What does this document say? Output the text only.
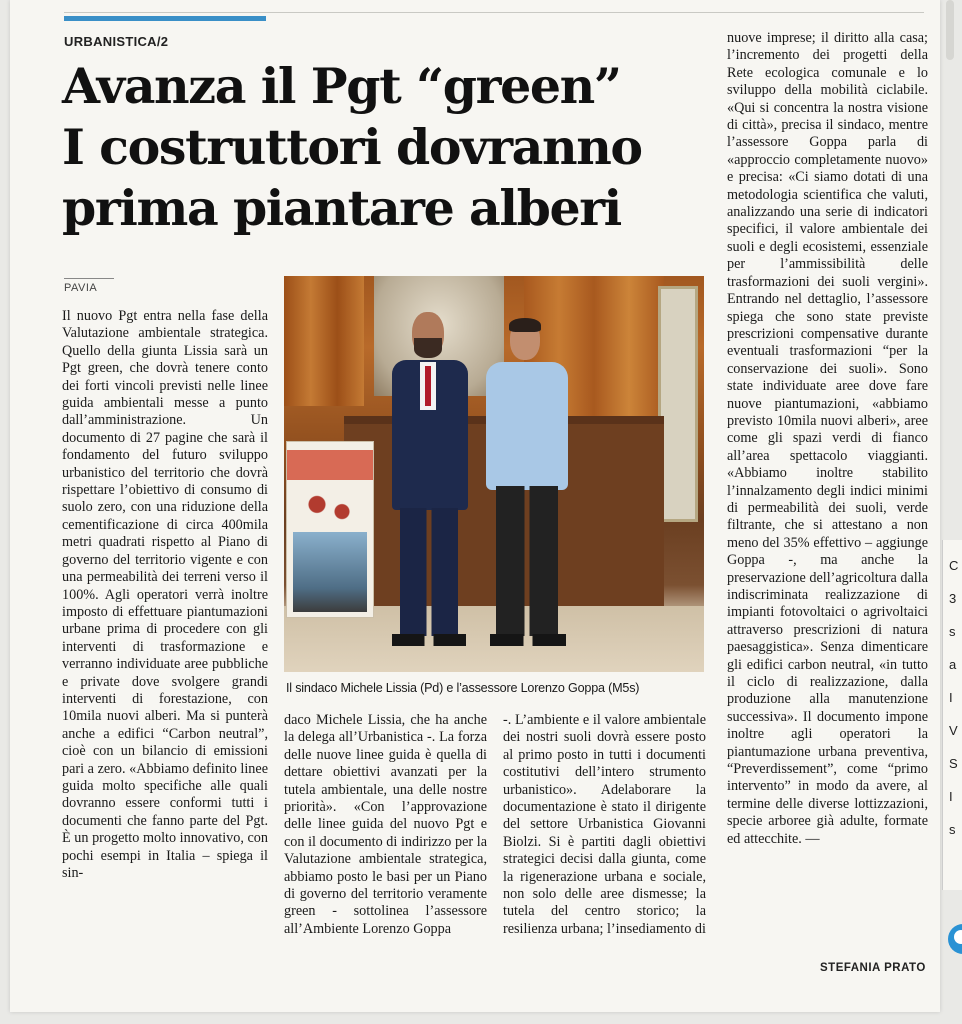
URBANISTICA/2
Avanza il Pgt “green”
I costruttori dovranno
prima piantare alberi
PAVIA
Il nuovo Pgt entra nella fase della Valutazione ambientale strategica. Quello della giunta Lissia sarà un Pgt green, che dovrà tenere conto dei forti vincoli previsti nelle linee guida ambientali messe a punto dall’amministrazione. Un documento di 27 pagine che sarà il fondamento del futuro sviluppo urbanistico del territorio che dovrà rispettare l’obiettivo di consumo di suolo zero, con una riduzione della cementificazione di circa 400mila metri quadrati rispetto al Piano di governo del territorio vigente e con una permeabilità dei terreni verso il 100%. Agli operatori verrà inoltre imposto di effettuare piantumazioni urbane prima di procedere con gli interventi di trasformazione e verranno individuate aree pubbliche e private dove svolgere grandi interventi di forestazione, con 10mila nuovi alberi. Ma si punterà anche a edifici “Carbon neutral”, cioè con un bilancio di emissioni pari a zero. «Abbiamo definito linee guida molto specifiche alle quali dovranno essere conformi tutti i documenti che fanno parte del Pgt. È un progetto molto innovativo, con pochi esempi in Italia – spiega il sin-
Il sindaco Michele Lissia (Pd) e l’assessore Lorenzo Goppa (M5s)
daco Michele Lissia, che ha anche la delega all’Urbanistica -. La forza delle nuove linee guida è quella di dettare obiettivi avanzati per la tutela ambientale, una delle nostre priorità». «Con l’approvazione delle linee guida del nuovo Pgt e con il documento di indirizzo per la Valutazione ambientale strategica, abbiamo posto le basi per un Piano di governo del territorio veramente green - sottolinea l’assessore all’Ambiente Lorenzo Goppa
-. L’ambiente e il valore ambientale dei nostri suoli dovrà essere posto al primo posto in tutti i documenti costitutivi dell’intero strumento urbanistico». Adelaborare la documentazione è stato il dirigente del settore Urbanistica Giovanni Biolzi. Si è partiti dagli obiettivi strategici decisi dalla giunta, come la rigenerazione urbana e sociale, non solo delle aree dismesse; la tutela del centro storico; la resilienza urbana; l’insediamento di
nuove imprese; il diritto alla casa; l’incremento dei progetti della Rete ecologica comunale e lo sviluppo della mobilità ciclabile. «Qui si concentra la nostra visione di città», precisa il sindaco, mentre l’assessore Goppa parla di «approccio completamente nuovo» e precisa: «Ci siamo dotati di una metodologia scientifica che valuti, analizzando una serie di indicatori specifici, il valore ambientale dei suoli e degli ecosistemi, essenziale per l’ammissibilità delle trasformazioni dei suoli vergini». Entrando nel dettaglio, l’assessore spiega che sono state previste prescrizioni compensative durante eventuali trasformazioni “per la conservazione dei suoli». Sono state individuate aree dove fare nuove piantumazioni, «abbiamo previsto 10mila nuovi alberi», aree come gli spazi verdi di fianco all’area spettacolo viaggianti. «Abbiamo inoltre stabilito l’innalzamento degli indici minimi di permeabilità dei suoli, verde filtrante, che si attestano a non meno del 35% effettivo – aggiunge Goppa -, ma anche la preservazione dell’agricoltura dalla indiscriminata realizzazione di impianti fotovoltaici o agrivoltaici attraverso prescrizioni di natura paesaggistica». Senza dimenticare gli edifici carbon neutral, «in tutto il ciclo di realizzazione, dalla produzione alla manutenzione successiva». Il documento impone inoltre agli operatori la piantumazione urbana preventiva, “Preverdissement”, come “primo intervento” in modo da avere, al termine delle diverse lottizzazioni, specie arboree già adulte, formate ed attecchite. —
STEFANIA PRATO
C
3
s
a
I
V
S
I
s
